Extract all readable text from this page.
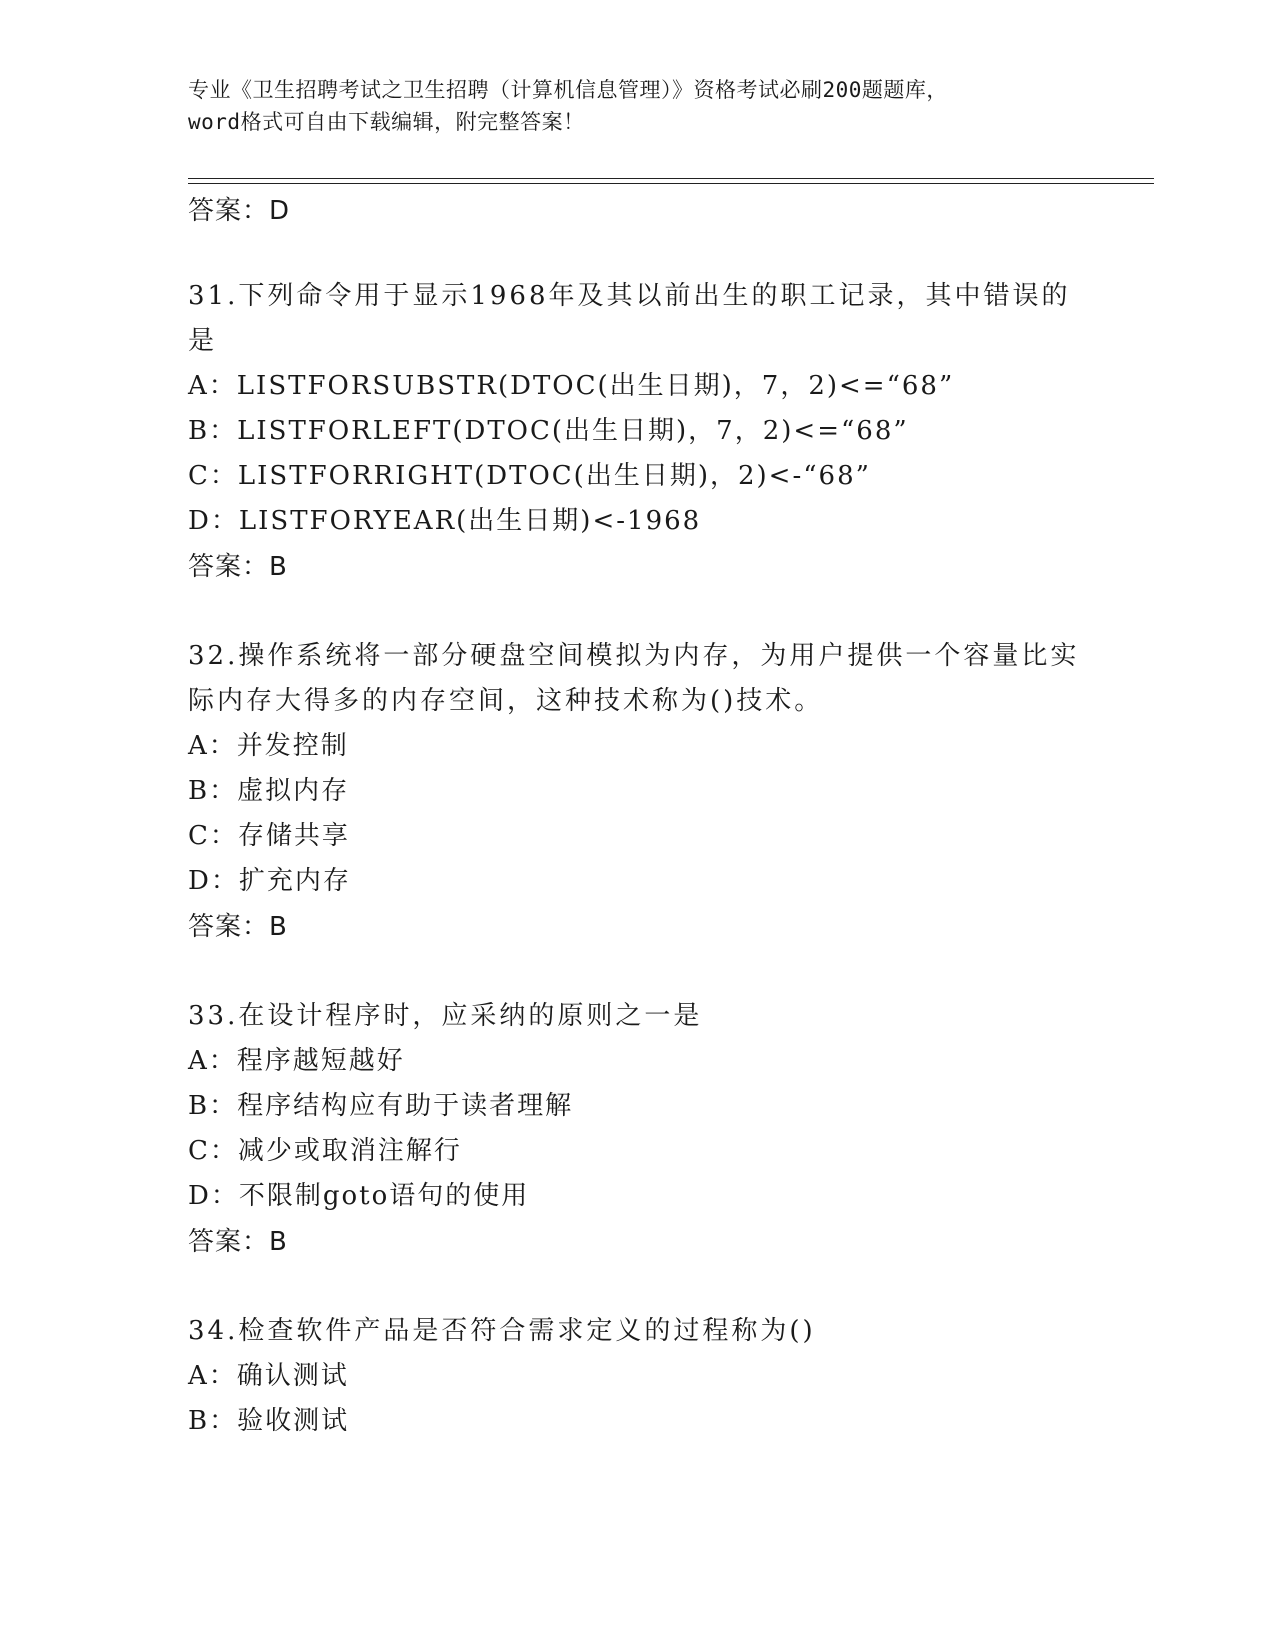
专业《卫生招聘考试之卫生招聘（计算机信息管理）》资格考试必刷200题题库，
word格式可自由下载编辑，附完整答案！

答案：D

31.下列命令用于显示1968年及其以前出生的职工记录，其中错误的

是

A：LISTFORSUBSTR(DTOC(出生日期)，7，2)<=“68”

B：LISTFORLEFT(DTOC(出生日期)，7，2)<=“68”

C：LISTFORRIGHT(DTOC(出生日期)，2)<-“68”

D：LISTFORYEAR(出生日期)<-1968

答案：B

32.操作系统将一部分硬盘空间模拟为内存，为用户提供一个容量比实

际内存大得多的内存空间，这种技术称为()技术。

A：并发控制

B：虚拟内存

C：存储共享

D：扩充内存

答案：B

33.在设计程序时，应采纳的原则之一是

A：程序越短越好

B：程序结构应有助于读者理解

C：减少或取消注解行

D：不限制goto语句的使用

答案：B

34.检查软件产品是否符合需求定义的过程称为()

A：确认测试

B：验收测试
